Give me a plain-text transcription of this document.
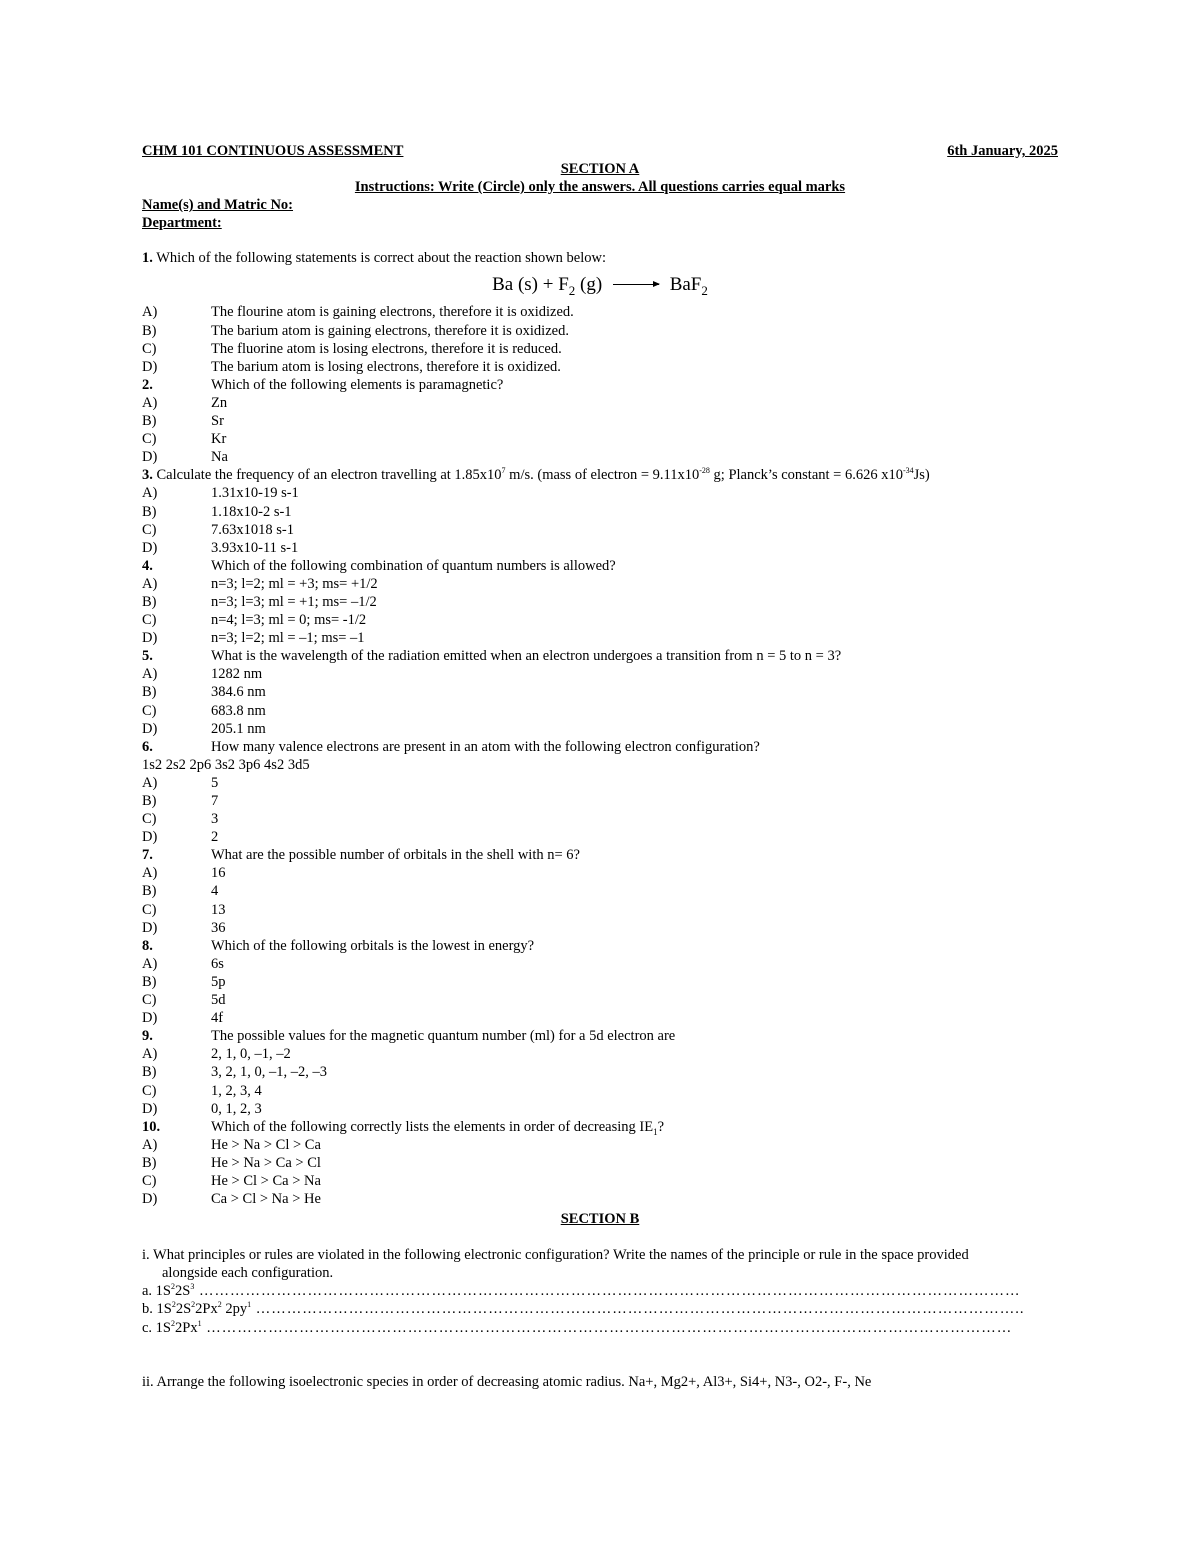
CHM 101 CONTINUOUS ASSESSMENT	6th January, 2025
SECTION A
Instructions: Write (Circle) only the answers. All questions carries equal marks
Name(s) and Matric No:
Department:
1. Which of the following statements is correct about the reaction shown below:
Ba $(s) + F_2$ (g)	BaF$_2$
A)	The flourine atom is gaining electrons, therefore it is oxidized.
B)	The barium atom is gaining electrons, therefore it is oxidized.
C)	The fluorine atom is losing electrons, therefore it is reduced.
D)	The barium atom is losing electrons, therefore it is oxidized.
2.	Which of the following elements is paramagnetic?
A)	Zn
B)	Sr
C)	Kr
D)	Na
3. Calculate the frequency of an electron travelling at $1.85x10^7$ m/s. (mass of electron = $9.11x10^{-28}$ g; Planck’s constant = 6.626 $x10^{-34}Js$)
A)	1.31x10-19 s-1
B)	1.18x10-2 s-1
C)	7.63x1018 s-1
D)	3.93x10-11 s-1
4.	Which of the following combination of quantum numbers is allowed?
A)	n=3; l=2; ml = +3; ms= +1/2
B)	n=3; l=3; ml = +1; ms= –1/2
C)	n=4; l=3; ml = 0; ms= -1/2
D)	n=3; l=2; ml = –1; ms= –1
5.	What is the wavelength of the radiation emitted when an electron undergoes a transition from n = 5 to n = 3?
A)	1282 nm
B)	384.6 nm
C)	683.8 nm
D)	205.1 nm
6.	How many valence electrons are present in an atom with the following electron configuration?
1s2 2s2 2p6 3s2 3p6 4s2 3d5
A)	5
B)	7
C)	3
D)	2
7.	What are the possible number of orbitals in the shell with n= 6?
A)	16
B)	4
C)	13
D)	36
8.	Which of the following orbitals is the lowest in energy?
A)	6s
B)	5p
C)	5d
D)	4f
9.	The possible values for the magnetic quantum number (ml) for a 5d electron are
A)	2, 1, 0, –1, –2
B)	3, 2, 1, 0, –1, –2, –3
C)	1, 2, 3, 4
D)	0, 1, 2, 3
10.	Which of the following correctly lists the elements in order of decreasing $IE_1$?
A)	He > Na > Cl > Ca
B)	He > Na > Ca > Cl
C)	He > Cl > Ca > Na
D)	Ca > Cl > Na > He
SECTION B
i. What principles or rules are violated in the following electronic configuration? Write the names of the principle or rule in the space provided
alongside each configuration.
a. $1S^22S^3$ ……………………………………………………………………………………………………………………………………………
b. $1S^22S^22Px^2$ $2py^1$ …………………………………………………………………………………………………………………………………..
c. $1S^22Px^1$ …………………………………………………………………………………………………………………………………………
ii. Arrange the following isoelectronic species in order of decreasing atomic radius. Na+, Mg2+, Al3+, Si4+, N3-, O2-, F-, Ne
